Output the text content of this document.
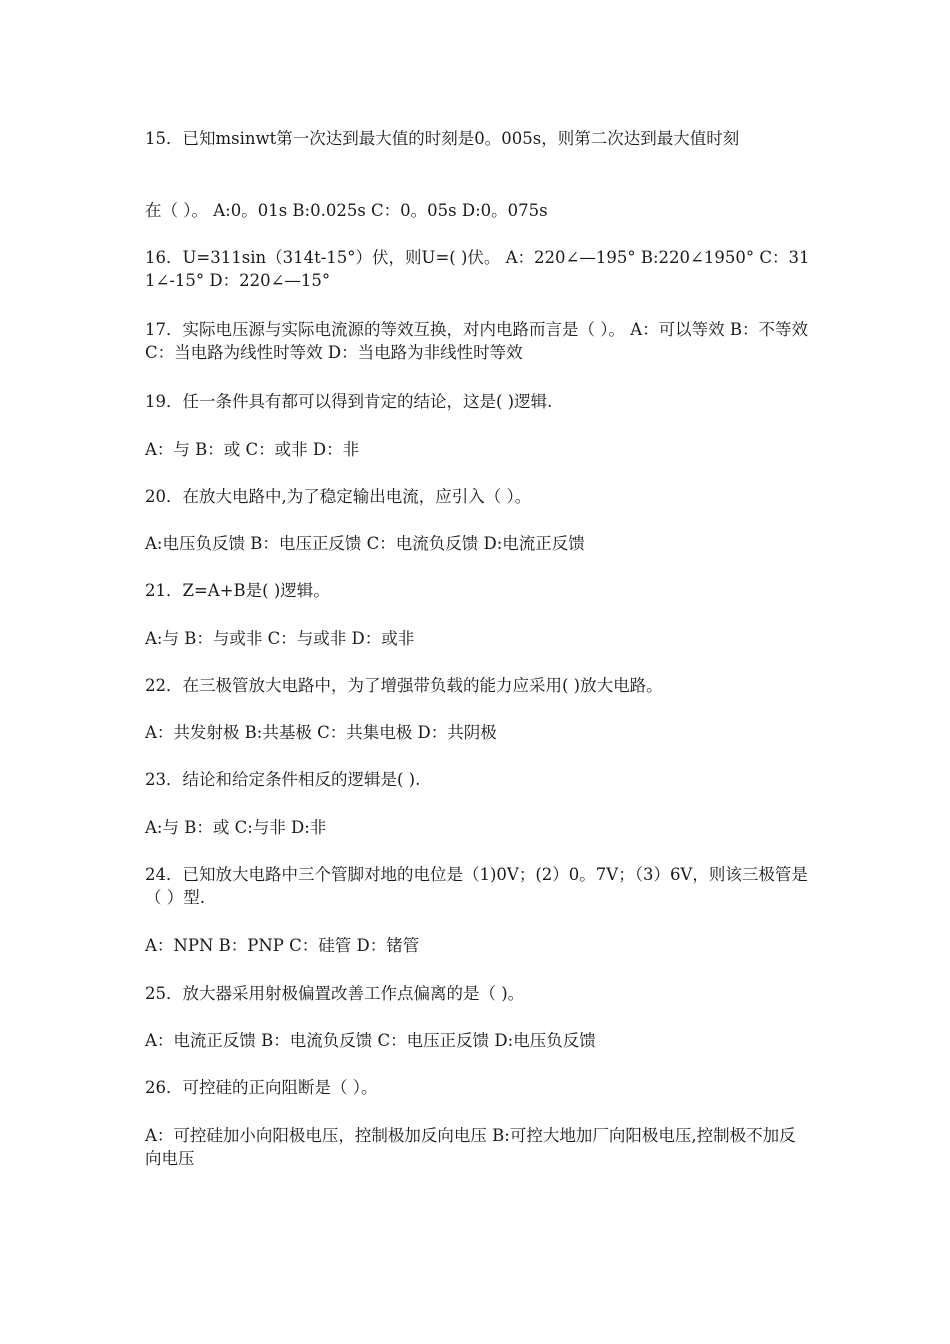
15．已知msinwt第一次达到最大值的时刻是0。005s，则第二次达到最大值时刻

在（ ）。 A:0。01s B:0.025s C：0。05s D:0。075s

16．U=311sin（314t-15°）伏，则U=( )伏。 A：220∠—195° B:220∠1950° C：311∠-15° D：220∠—15°

17．实际电压源与实际电流源的等效互换，对内电路而言是（ ）。 A：可以等效 B：不等效 C：当电路为线性时等效 D：当电路为非线性时等效

19．任一条件具有都可以得到肯定的结论，这是( )逻辑.

A：与 B：或 C：或非 D：非

20．在放大电路中,为了稳定输出电流，应引入（ ）。

A:电压负反馈 B：电压正反馈 C：电流负反馈 D:电流正反馈

21．Z=A+B是( )逻辑。

A:与 B：与或非 C：与或非 D：或非

22．在三极管放大电路中，为了增强带负载的能力应采用( )放大电路。

A：共发射极 B:共基极 C：共集电极 D：共阴极

23．结论和给定条件相反的逻辑是( ).

A:与 B：或 C:与非 D:非

24．已知放大电路中三个管脚对地的电位是（1)0V；(2）0。7V；（3）6V，则该三极管是（ ）型.

A：NPN B：PNP C：硅管 D：锗管

25．放大器采用射极偏置改善工作点偏离的是（ )。

A：电流正反馈 B：电流负反馈 C：电压正反馈 D:电压负反馈

26．可控硅的正向阻断是（ ）。

A：可控硅加小向阳极电压，控制极加反向电压 B:可控大地加厂向阳极电压,控制极不加反向电压
